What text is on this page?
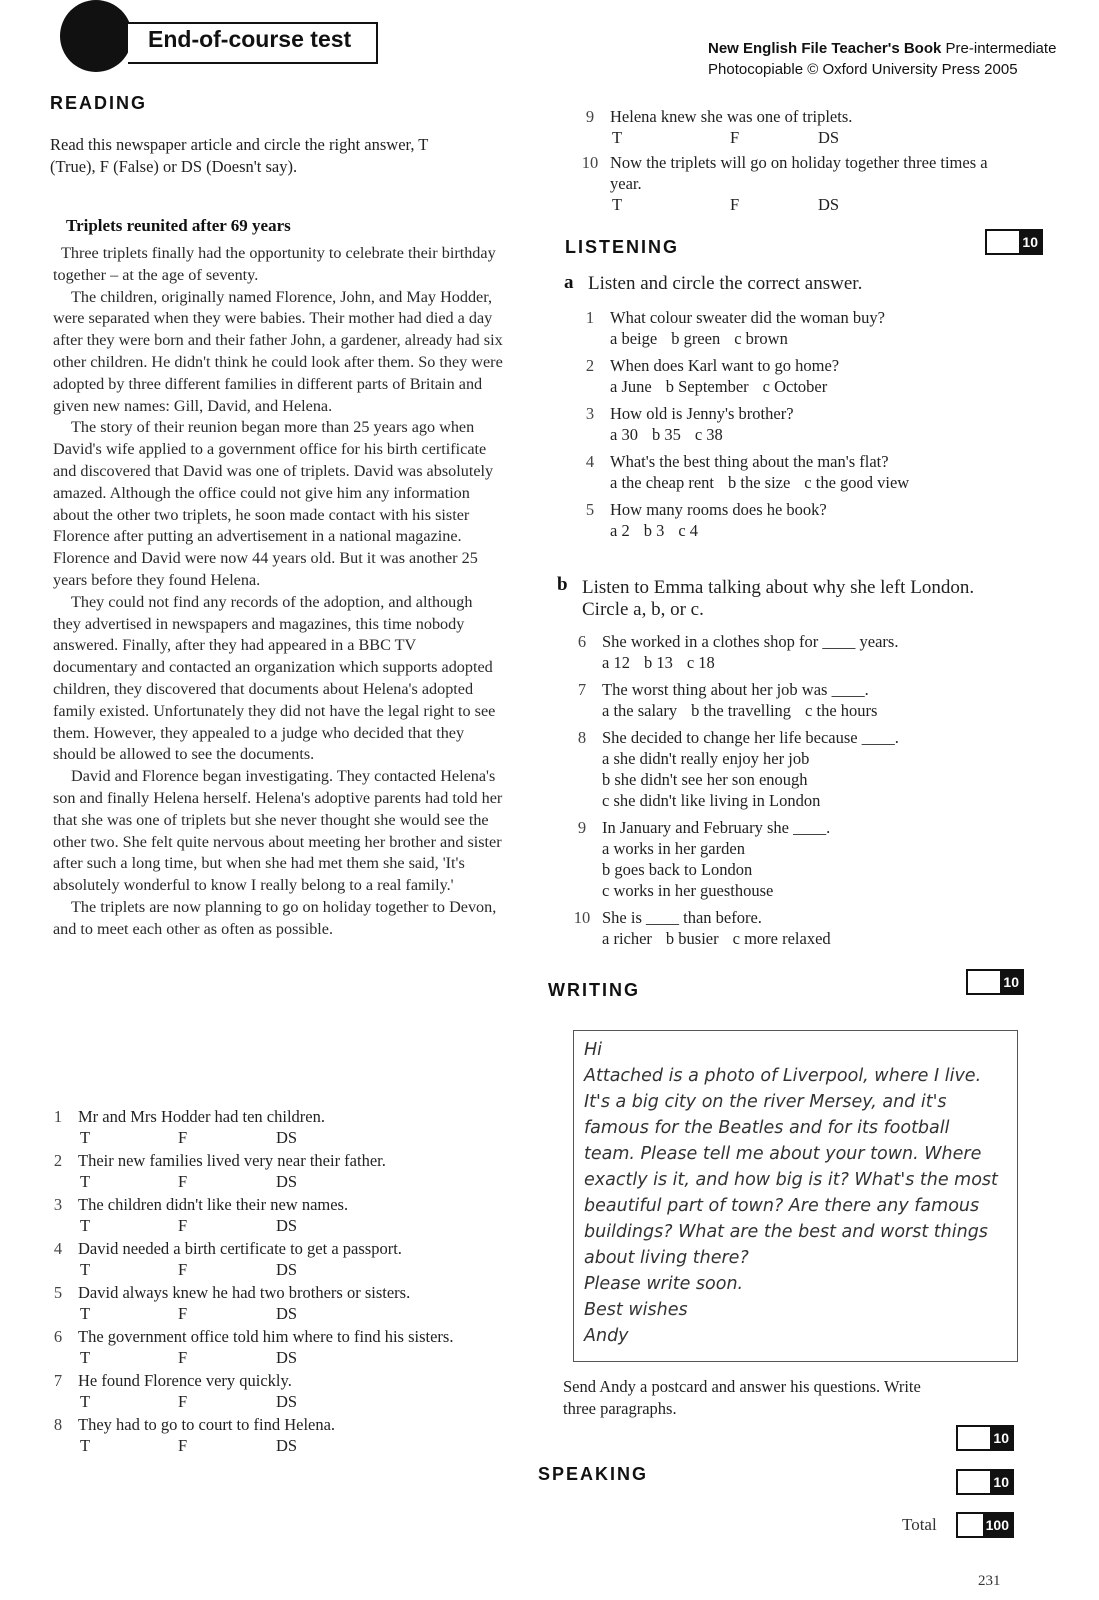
End-of-course test	New English File Teacher's Book Pre-intermediate
Photocopiable © Oxford University Press 2005
READING
Read this newspaper article and circle the right answer, T
(True), F (False) or DS (Doesn't say).
Triplets reunited after 69 years

Three triplets finally had the opportunity to celebrate their birthday together – at the age of seventy.

The children, originally named Florence, John, and May Hodder, were separated when they were babies. Their mother had died a day after they were born and their father John, a gardener, already had six other children. He didn't think he could look after them. So they were adopted by three different families in different parts of Britain and given new names: Gill, David, and Helena.

The story of their reunion began more than 25 years ago when David's wife applied to a government office for his birth certificate and discovered that David was one of triplets. David was absolutely amazed. Although the office could not give him any information about the other two triplets, he soon made contact with his sister Florence after putting an advertisement in a national magazine. Florence and David were now 44 years old. But it was another 25 years before they found Helena.

They could not find any records of the adoption, and although they advertised in newspapers and magazines, this time nobody answered. Finally, after they had appeared in a BBC TV documentary and contacted an organization which supports adopted children, they discovered that documents about Helena's adopted family existed. Unfortunately they did not have the legal right to see them. However, they appealed to a judge who decided that they should be allowed to see the documents.

David and Florence began investigating. They contacted Helena's son and finally Helena herself. Helena's adoptive parents had told her that she was one of triplets but she never thought she would see the other two. She felt quite nervous about meeting her brother and sister after such a long time, but when she had met them she said, 'It's absolutely wonderful to know I really belong to a real family.'

The triplets are now planning to go on holiday together to Devon, and to meet each other as often as possible.

1 Mr and Mrs Hodder had ten children.
T	F	DS
2 Their new families lived very near their father.
T	F	DS
3 The children didn't like their new names.
T	F	DS
4 David needed a birth certificate to get a passport.
T	F	DS
5 David always knew he had two brothers or sisters.
T	F	DS
6 The government office told him where to find his sisters.
T	F	DS
7 He found Florence very quickly.
T	F	DS
8 They had to go to court to find Helena.
T	F	DS
9 Helena knew she was one of triplets.
T	F	DS
10 Now the triplets will go on holiday together three times a year.
T	F	DS
10
LISTENING
a Listen and circle the correct answer.
1 What colour sweater did the woman buy?
a beige b green c brown
2 When does Karl want to go home?
a June b September c October
3 How old is Jenny's brother?
a 30 b 35 c 38
4 What's the best thing about the man's flat?
a the cheap rent b the size c the good view
5 How many rooms does he book?
a 2 b 3 c 4
b Listen to Emma talking about why she left London.
Circle a, b, or c.
6 She worked in a clothes shop for ____ years.
a 12 b 13 c 18
7 The worst thing about her job was ____.
a the salary b the travelling c the hours
8 She decided to change her life because ____.
a she didn't really enjoy her job
b she didn't see her son enough
c she didn't like living in London
9 In January and February she ____.
a works in her garden
b goes back to London
c works in her guesthouse
10 She is ____ than before.
a richer b busier c more relaxed
10
WRITING
Hi
Attached is a photo of Liverpool, where I live.
It's a big city on the river Mersey, and it's
famous for the Beatles and for its football
team. Please tell me about your town. Where
exactly is it, and how big is it? What's the most
beautiful part of town? Are there any famous
buildings? What are the best and worst things
about living there?
Please write soon.
Best wishes
Andy
Send Andy a postcard and answer his questions. Write
three paragraphs.
10
SPEAKING	10
Total	100
231
